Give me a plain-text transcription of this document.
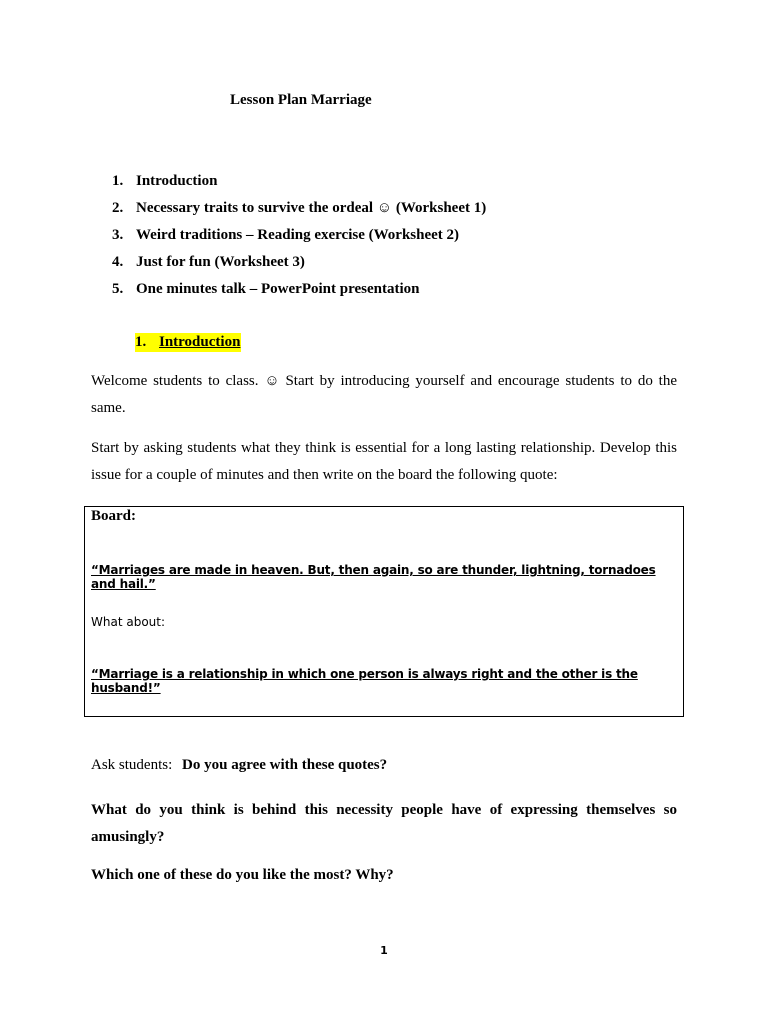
Lesson Plan Marriage
1. Introduction
2. Necessary traits to survive the ordeal ☺ (Worksheet 1)
3. Weird traditions – Reading exercise (Worksheet 2)
4. Just for fun (Worksheet 3)
5. One minutes talk – PowerPoint presentation
1. Introduction
Welcome students to class. ☺ Start by introducing yourself and encourage students to do the same.
Start by asking students what they think is essential for a long lasting relationship. Develop this issue for a couple of minutes and then write on the board the following quote:
Board:
“Marriages are made in heaven. But, then again, so are thunder, lightning, tornadoes and hail.”
What about:
“Marriage is a relationship in which one person is always right and the other is the husband!”
Ask students: Do you agree with these quotes?
What do you think is behind this necessity people have of expressing themselves so amusingly?
Which one of these do you like the most? Why?
1
